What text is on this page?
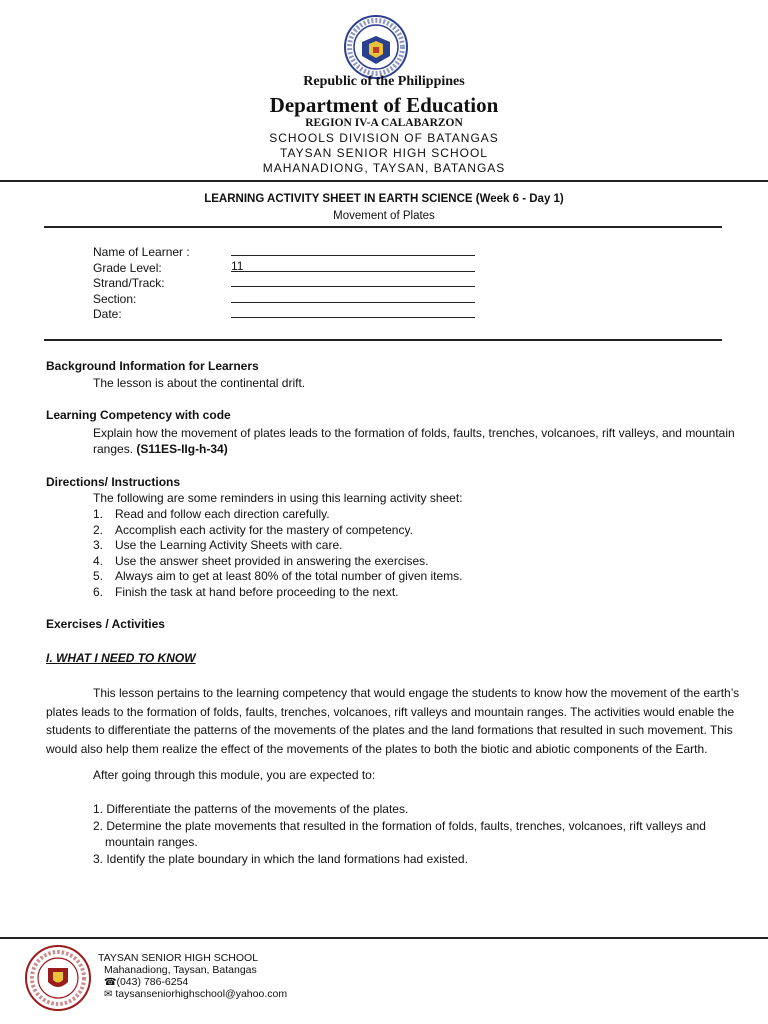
Republic of the Philippines
Department of Education
REGION IV-A CALABARZON
SCHOOLS DIVISION OF BATANGAS
TAYSAN SENIOR HIGH SCHOOL
MAHANADIONG, TAYSAN, BATANGAS
LEARNING ACTIVITY SHEET IN EARTH SCIENCE (Week 6 - Day 1)
Movement of Plates
Name of Learner :
Grade Level:	11
Strand/Track:
Section:
Date:
Background Information for Learners
The lesson is about the continental drift.
Learning Competency with code
Explain how the movement of plates leads to the formation of folds, faults, trenches, volcanoes, rift valleys, and mountain
ranges. (S11ES-IIg-h-34)
Directions/ Instructions
The following are some reminders in using this learning activity sheet:
1. Read and follow each direction carefully.
2. Accomplish each activity for the mastery of competency.
3. Use the Learning Activity Sheets with care.
4. Use the answer sheet provided in answering the exercises.
5. Always aim to get at least 80% of the total number of given items.
6. Finish the task at hand before proceeding to the next.
Exercises / Activities
I. WHAT I NEED TO KNOW
This lesson pertains to the learning competency that would engage the students to know how the movement of the earth’s
plates leads to the formation of folds, faults, trenches, volcanoes, rift valleys and mountain ranges. The activities would enable the
students to differentiate the patterns of the movements of the plates and the land formations that resulted in such movement. This
would also help them realize the effect of the movements of the plates to both the biotic and abiotic components of the Earth.
After going through this module, you are expected to:
1. Differentiate the patterns of the movements of the plates.
2. Determine the plate movements that resulted in the formation of folds, faults, trenches, volcanoes, rift valleys and
mountain ranges.
3. Identify the plate boundary in which the land formations had existed.
TAYSAN SENIOR HIGH SCHOOL
Mahanadiong, Taysan, Batangas
☎(043) 786-6254
✉ taysanseniorhighschool@yahoo.com
